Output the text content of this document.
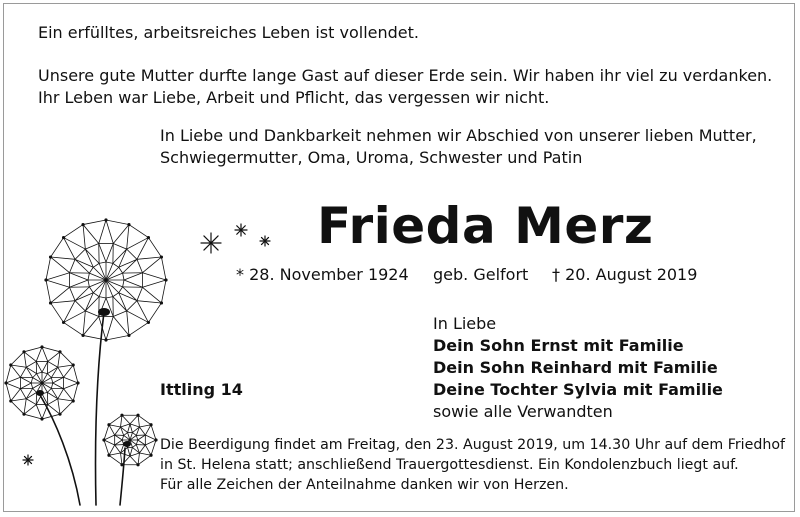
Ein erfülltes, arbeitsreiches Leben ist vollendet.
Unsere gute Mutter durfte lange Gast auf dieser Erde sein. Wir haben ihr viel zu verdanken.
Ihr Leben war Liebe, Arbeit und Pflicht, das vergessen wir nicht.
In Liebe und Dankbarkeit nehmen wir Abschied von unserer lieben Mutter,
Schwiegermutter, Oma, Uroma, Schwester und Patin
Frieda Merz
* 28. November 1924 geb. Gelfort † 20. August 2019
Ittling 14
In Liebe
Dein Sohn Ernst mit Familie
Dein Sohn Reinhard mit Familie
Deine Tochter Sylvia mit Familie
sowie alle Verwandten
Die Beerdigung findet am Freitag, den 23. August 2019, um 14.30 Uhr auf dem Friedhof
in St. Helena statt; anschließend Trauergottesdienst. Ein Kondolenzbuch liegt auf.
Für alle Zeichen der Anteilnahme danken wir von Herzen.
